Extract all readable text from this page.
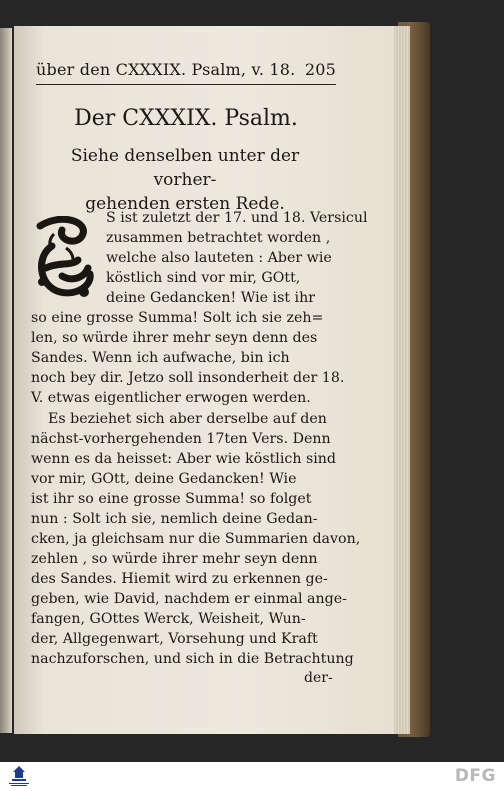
über den CXXXIX. Psalm, v. 18. 205
Der CXXXIX. Psalm.
Siehe denselben unter der vorher-
gehenden ersten Rede.
S ist zuletzt der 17. und 18. Versicul
zusammen betrachtet worden ,
welche also lauteten : Aber wie
köstlich sind vor mir, GOtt,
deine Gedancken! Wie ist ihr
so eine grosse Summa! Solt ich sie zeh=
len, so würde ihrer mehr seyn denn des
Sandes. Wenn ich aufwache, bin ich
noch bey dir. Jetzo soll insonderheit der 18.
V. etwas eigentlicher erwogen werden.
Es beziehet sich aber derselbe auf den
nächst-vorhergehenden 17ten Vers. Denn
wenn es da heisset: Aber wie köstlich sind
vor mir, GOtt, deine Gedancken! Wie
ist ihr so eine grosse Summa! so folget
nun : Solt ich sie, nemlich deine Gedan-
cken, ja gleichsam nur die Summarien davon,
zehlen , so würde ihrer mehr seyn denn
des Sandes. Hiemit wird zu erkennen ge-
geben, wie David, nachdem er einmal ange-
fangen, GOttes Werck, Weisheit, Wun-
der, Allgegenwart, Vorsehung und Kraft
nachzuforschen, und sich in die Betrachtung
der-
DFG
